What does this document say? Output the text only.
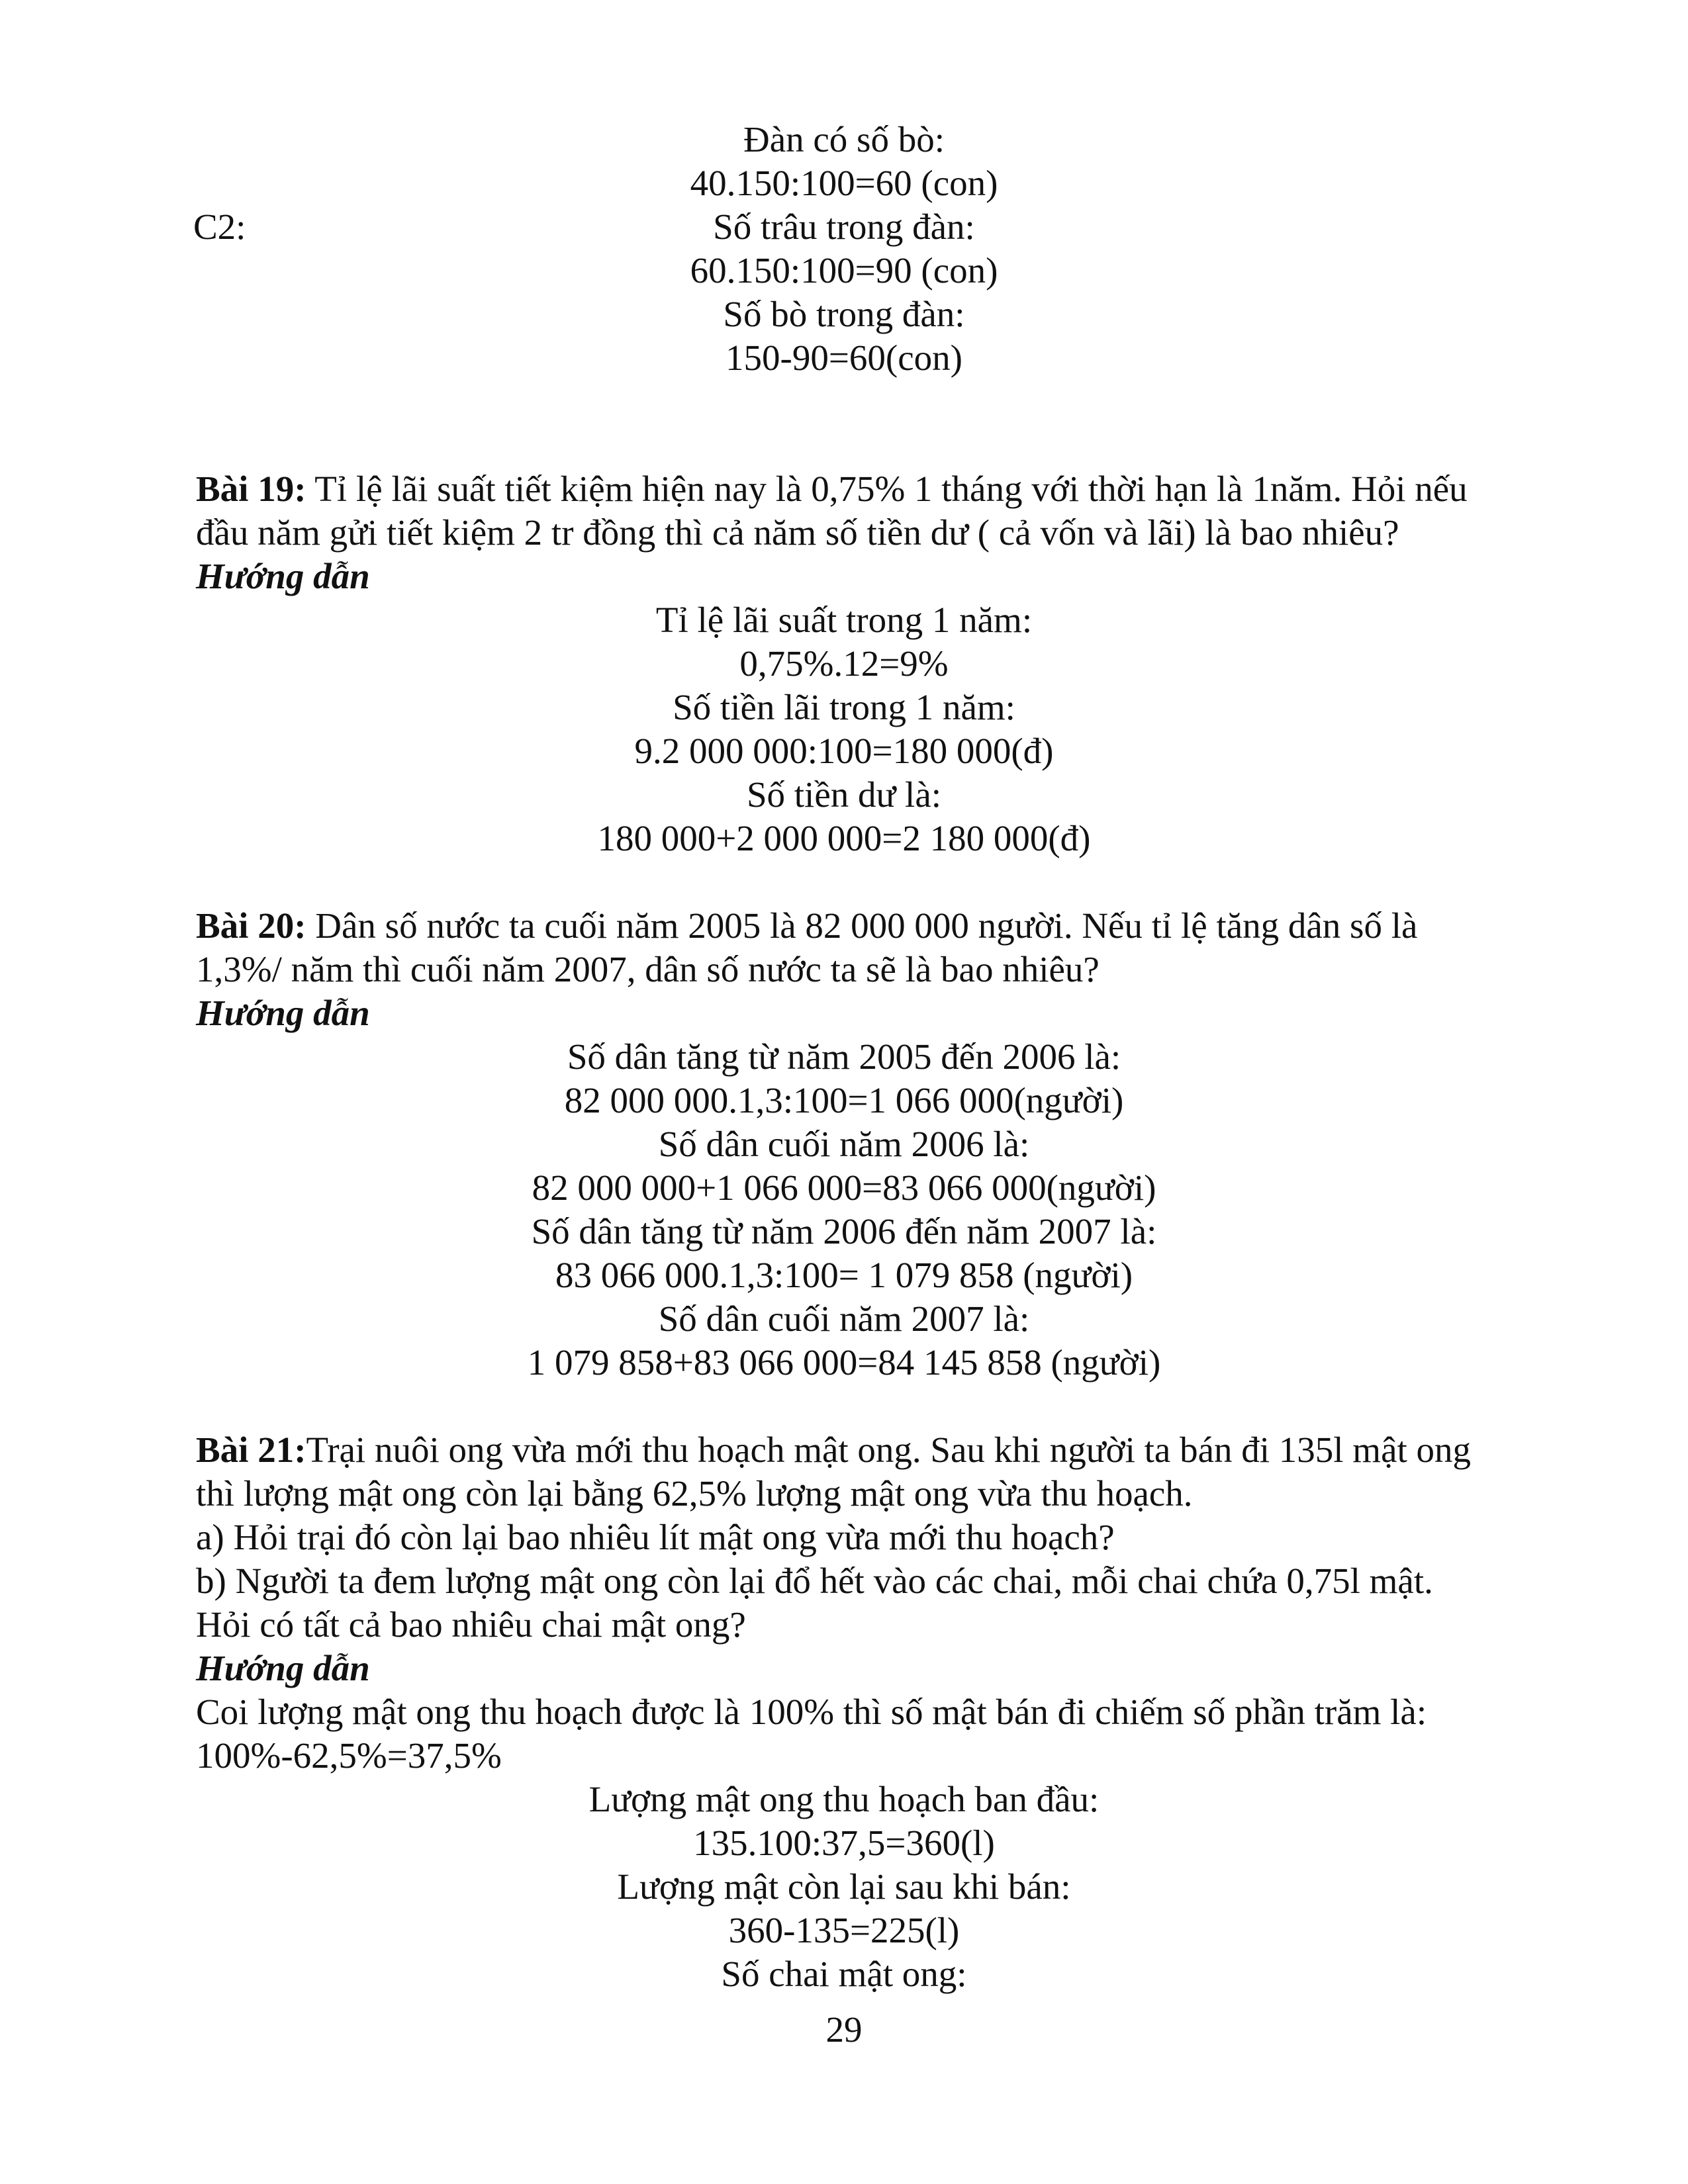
Đàn có số bò:
40.150:100=60 (con)
C2:	Số trâu trong đàn:
60.150:100=90 (con)
Số bò trong đàn:
150-90=60(con)
Bài 19: Tỉ lệ lãi suất tiết kiệm hiện nay là 0,75% 1 tháng với thời hạn là 1năm. Hỏi nếu
đầu năm gửi tiết kiệm 2 tr đồng thì cả năm số tiền dư ( cả vốn và lãi) là bao nhiêu?
Hướng dẫn
Tỉ lệ lãi suất trong 1 năm:
0,75%.12=9%
Số tiền lãi trong 1 năm:
9.2 000 000:100=180 000(đ)
Số tiền dư là:
180 000+2 000 000=2 180 000(đ)
Bài 20: Dân số nước ta cuối năm 2005 là 82 000 000 người. Nếu tỉ lệ tăng dân số là
1,3%/ năm thì cuối năm 2007, dân số nước ta sẽ là bao nhiêu?
Hướng dẫn
Số dân tăng từ năm 2005 đến 2006 là:
82 000 000.1,3:100=1 066 000(người)
Số dân cuối năm 2006 là:
82 000 000+1 066 000=83 066 000(người)
Số dân tăng từ năm 2006 đến năm 2007 là:
83 066 000.1,3:100= 1 079 858 (người)
Số dân cuối năm 2007 là:
1 079 858+83 066 000=84 145 858 (người)
Bài 21:Trại nuôi ong vừa mới thu hoạch mật ong. Sau khi người ta bán đi 135l mật ong
thì lượng mật ong còn lại bằng 62,5% lượng mật ong vừa thu hoạch.
a) Hỏi trại đó còn lại bao nhiêu lít mật ong vừa mới thu hoạch?
b) Người ta đem lượng mật ong còn lại đổ hết vào các chai, mỗi chai chứa 0,75l mật.
Hỏi có tất cả bao nhiêu chai mật ong?
Hướng dẫn
Coi lượng mật ong thu hoạch được là 100% thì số mật bán đi chiếm số phần trăm là:
100%-62,5%=37,5%
Lượng mật ong thu hoạch ban đầu:
135.100:37,5=360(l)
Lượng mật còn lại sau khi bán:
360-135=225(l)
Số chai mật ong:
29
